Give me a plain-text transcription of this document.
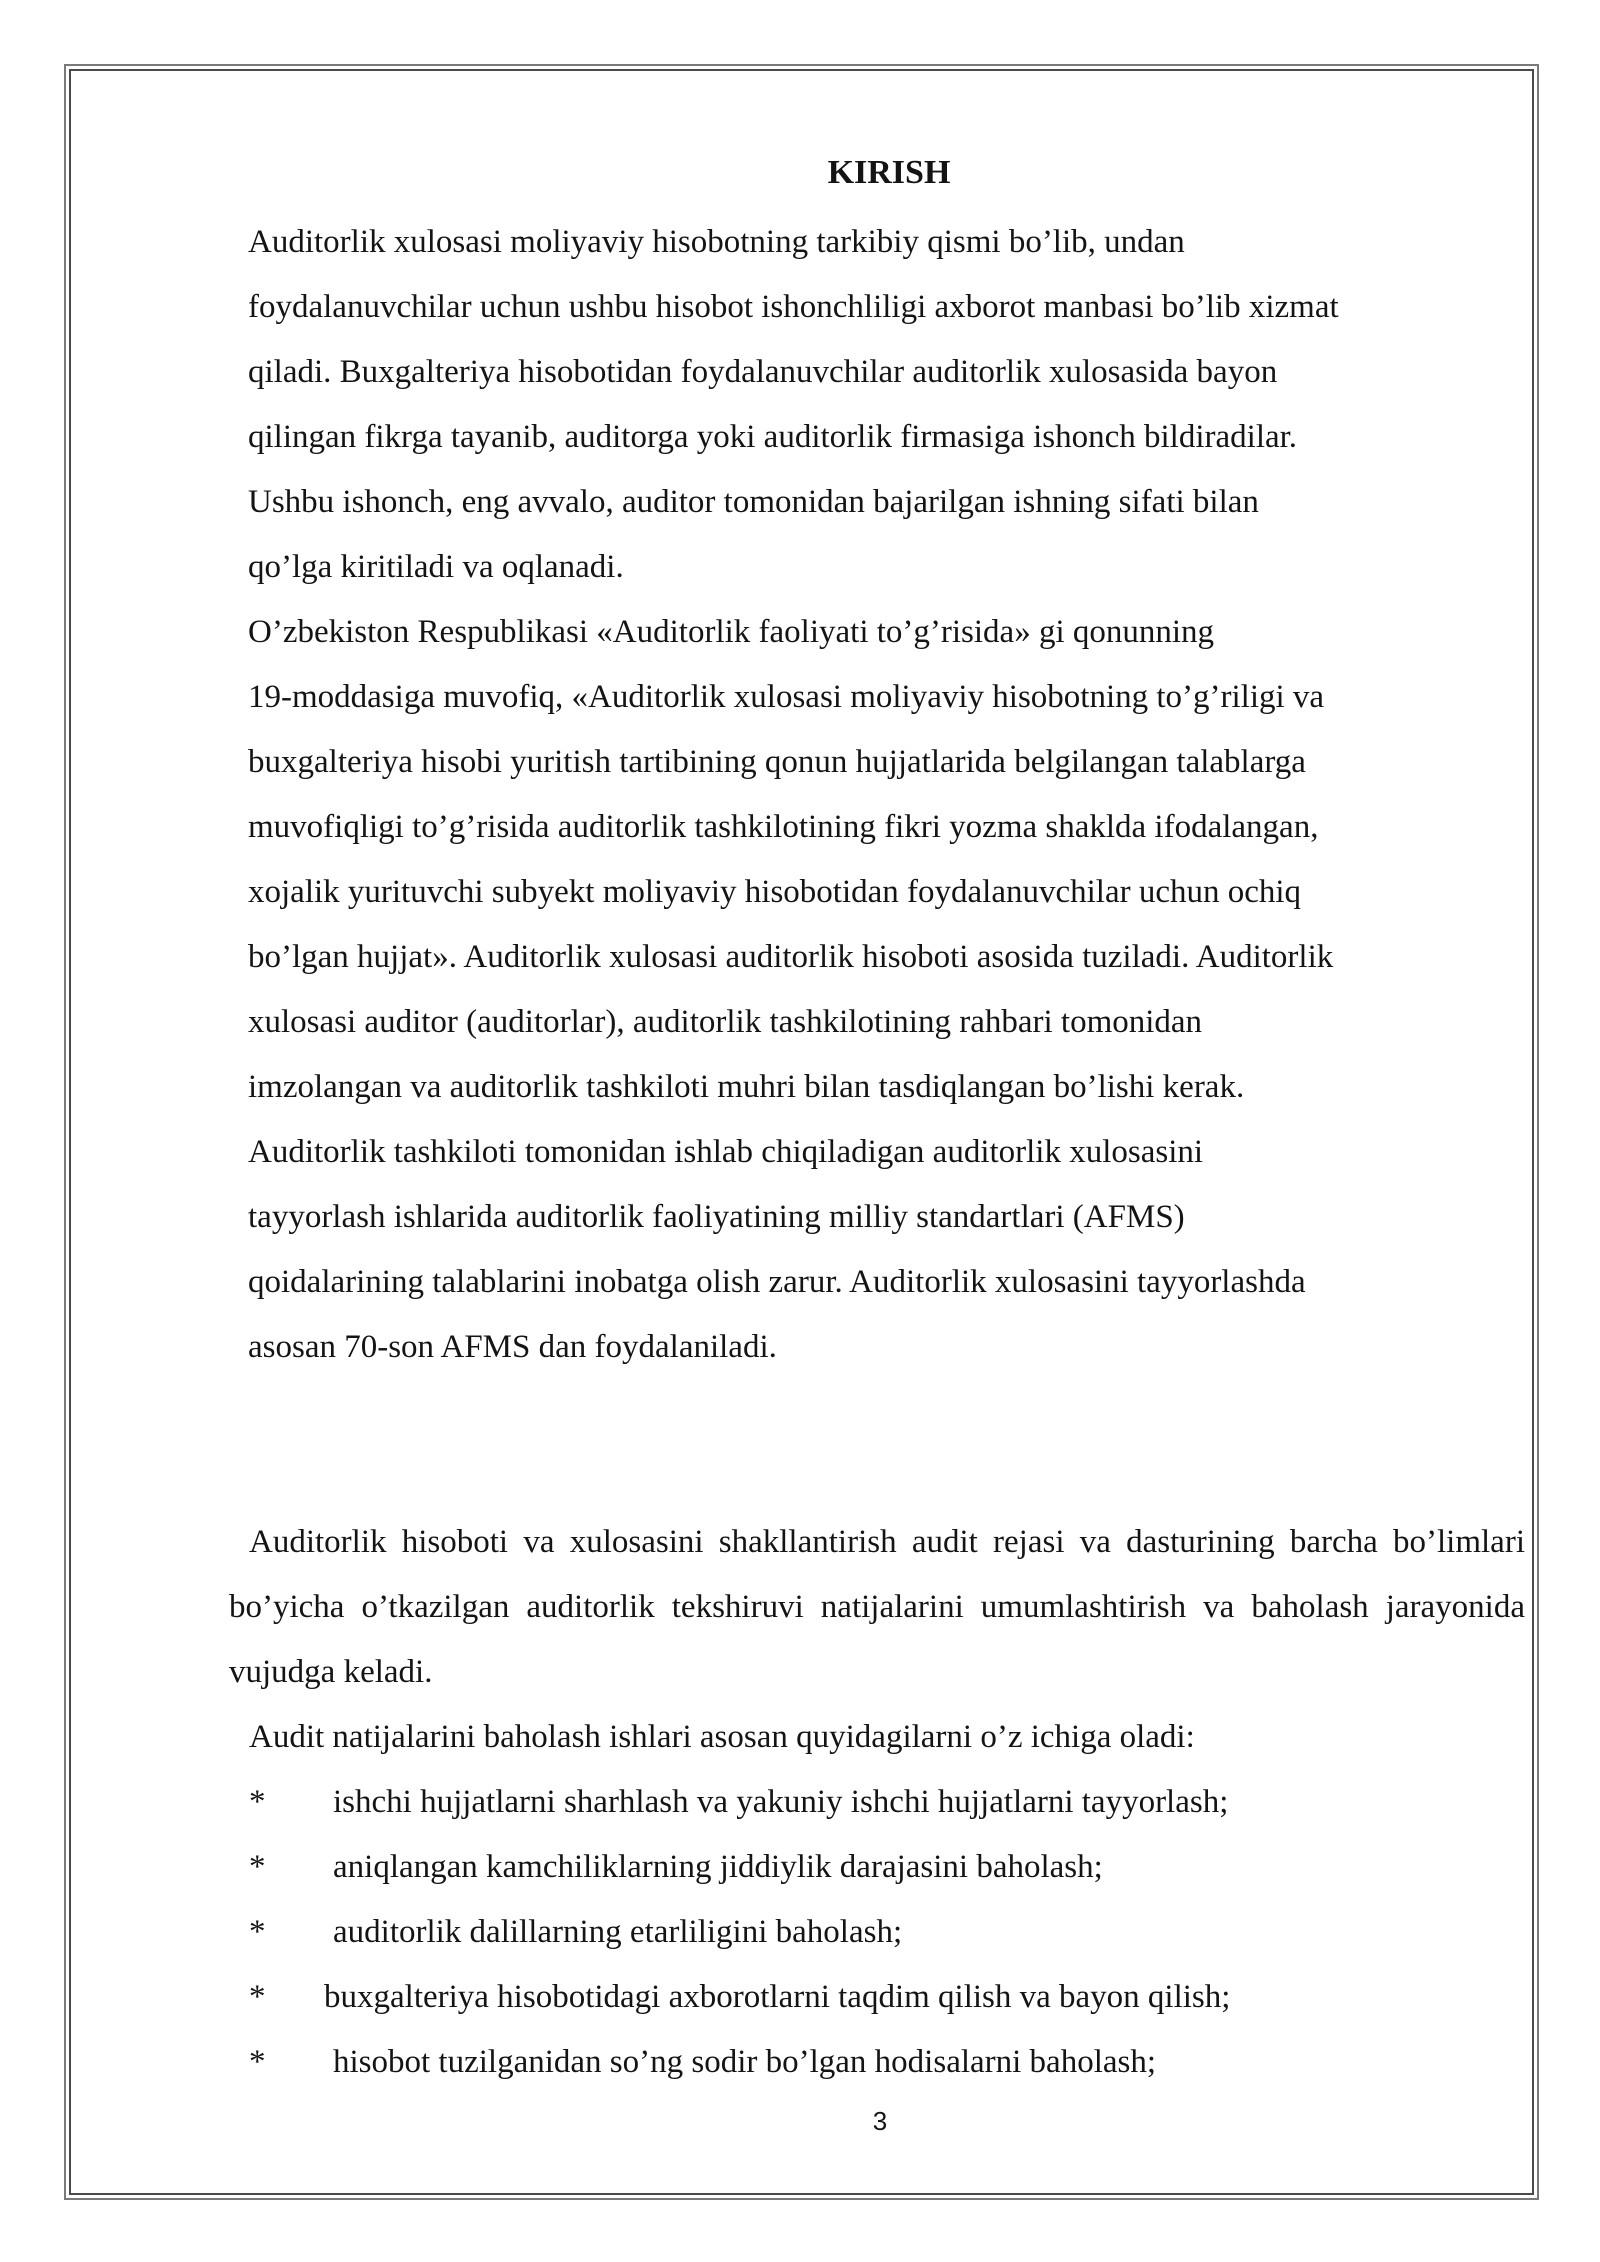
KIRISH
Auditorlik xulosasi moliyaviy hisobotning tarkibiy qismi bo’lib, undan
foydalanuvchilar uchun ushbu hisobot ishonchliligi axborot manbasi bo’lib xizmat
qiladi. Buxgalteriya hisobotidan foydalanuvchilar auditorlik xulosasida bayon
qilingan fikrga tayanib, auditorga yoki auditorlik firmasiga ishonch bildiradilar.
Ushbu ishonch, eng avvalo, auditor tomonidan bajarilgan ishning sifati bilan
qo’lga kiritiladi va oqlanadi.
O’zbekiston Respublikasi «Auditorlik faoliyati to’g’risida» gi qonunning
19-moddasiga muvofiq, «Auditorlik xulosasi moliyaviy hisobotning to’g’riligi va
buxgalteriya hisobi yuritish tartibining qonun hujjatlarida belgilangan talablarga
muvofiqligi to’g’risida auditorlik tashkilotining fikri yozma shaklda ifodalangan,
xojalik yurituvchi subyekt moliyaviy hisobotidan foydalanuvchilar uchun ochiq
bo’lgan hujjat». Auditorlik xulosasi auditorlik hisoboti asosida tuziladi. Auditorlik
xulosasi auditor (auditorlar), auditorlik tashkilotining rahbari tomonidan
imzolangan va auditorlik tashkiloti muhri bilan tasdiqlangan bo’lishi kerak.
Auditorlik tashkiloti tomonidan ishlab chiqiladigan auditorlik xulosasini
tayyorlash ishlarida auditorlik faoliyatining milliy standartlari (AFMS)
qoidalarining talablarini inobatga olish zarur. Auditorlik xulosasini tayyorlashda
asosan 70-son AFMS dan foydalaniladi.

Auditorlik hisoboti va xulosasini shakllantirish audit rejasi va dasturining barcha bo’limlari bo’yicha o’tkazilgan auditorlik tekshiruvi natijalarini umumlashtirish va baholash jarayonida vujudga keladi.

Audit natijalarini baholash ishlari asosan quyidagilarni o’z ichiga oladi:

* ishchi hujjatlarni sharhlash va yakuniy ishchi hujjatlarni tayyorlash;
* aniqlangan kamchiliklarning jiddiylik darajasini baholash;
* auditorlik dalillarning etarliligini baholash;
* buxgalteriya hisobotidagi axborotlarni taqdim qilish va bayon qilish;
* hisobot tuzilganidan so’ng sodir bo’lgan hodisalarni baholash;
3
